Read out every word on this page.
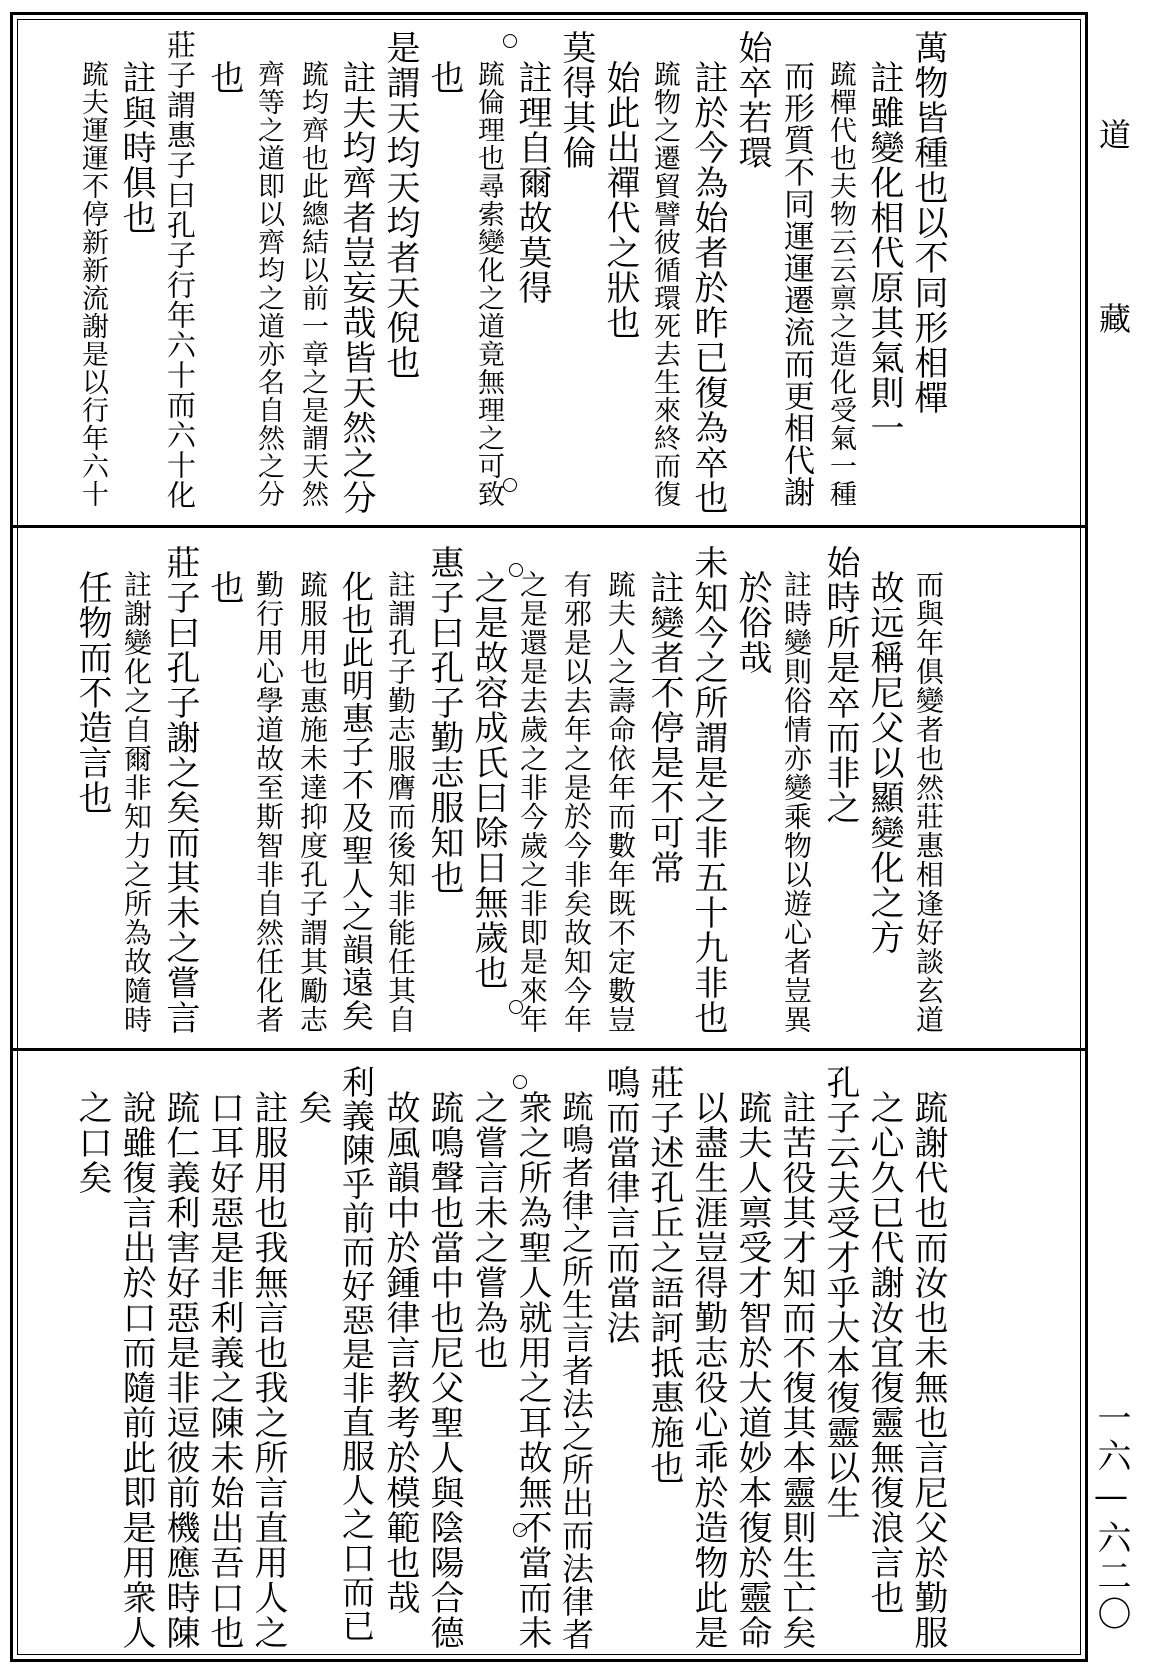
萬物皆種也以不同形相樿
註雖變化相代原其氣則一
䟽樿代也夫物云云禀之造化受氣一種
而形質不同運運遷流而更相代謝
始卒若環
註於今為始者於昨已復為卒也
䟽物之遷貿譬彼循環死去生來終而復
始此出禪代之狀也
莫得其倫
註理自爾故莫得
䟽倫理也尋索變化之道竟無理之可致
也
是謂天均天均者天倪也
註夫均齊者豈妄哉皆天然之分
䟽均齊也此總結以前一章之是謂天然
齊等之道即以齊均之道亦名自然之分
也
莊子謂惠子曰孔子行年六十而六十化
註與時俱也
䟽夫運運不停新新流謝是以行年六十
而與年俱變者也然莊惠相逢好談玄道
故远稱尼父以顯變化之方
始時所是卒而非之
註時變則俗情亦變乘物以遊心者豈異
於俗哉
未知今之所謂是之非五十九非也
註變者不停是不可常
䟽夫人之壽命依年而數年既不定數豈
有邪是以去年之是於今非矣故知今年
之是還是去歲之非今歲之非即是來年
之是故容成氏曰除日無歲也
惠子曰孔子勤志服知也
註謂孔子勤志服膺而後知非能任其自
化也此明惠子不及聖人之韻遠矣
䟽服用也惠施未達抑度孔子謂其勵志
勤行用心學道故至斯智非自然任化者
也
莊子曰孔子謝之矣而其未之嘗言
註謝變化之自爾非知力之所為故隨時
任物而不造言也
䟽謝代也而汝也未無也言尼父於勤服
之心久已代謝汝宜復靈無復浪言也
孔子云夫受才乎大本復靈以生
註苦役其才知而不復其本靈則生亡矣
䟽夫人禀受才智於大道妙本復於靈命
以盡生涯豈得勤志役心乖於造物此是
莊子述孔丘之語訶抵惠施也
鳴而當律言而當法
䟽鳴者律之所生言者法之所出而法律者
衆之所為聖人就用之耳故無不當而未
之嘗言未之嘗為也
䟽鳴聲也當中也尼父聖人與陰陽合德
故風韻中於鍾律言教考於模範也哉
利義陳乎前而好惡是非直服人之口而已
矣
註服用也我無言也我之所言直用人之
口耳好惡是非利義之陳未始出吾口也
䟽仁義利害好惡是非逗彼前機應時陳
說雖復言出於口而隨前此即是用衆人
之口矣
道　藏
一六—六二〇
